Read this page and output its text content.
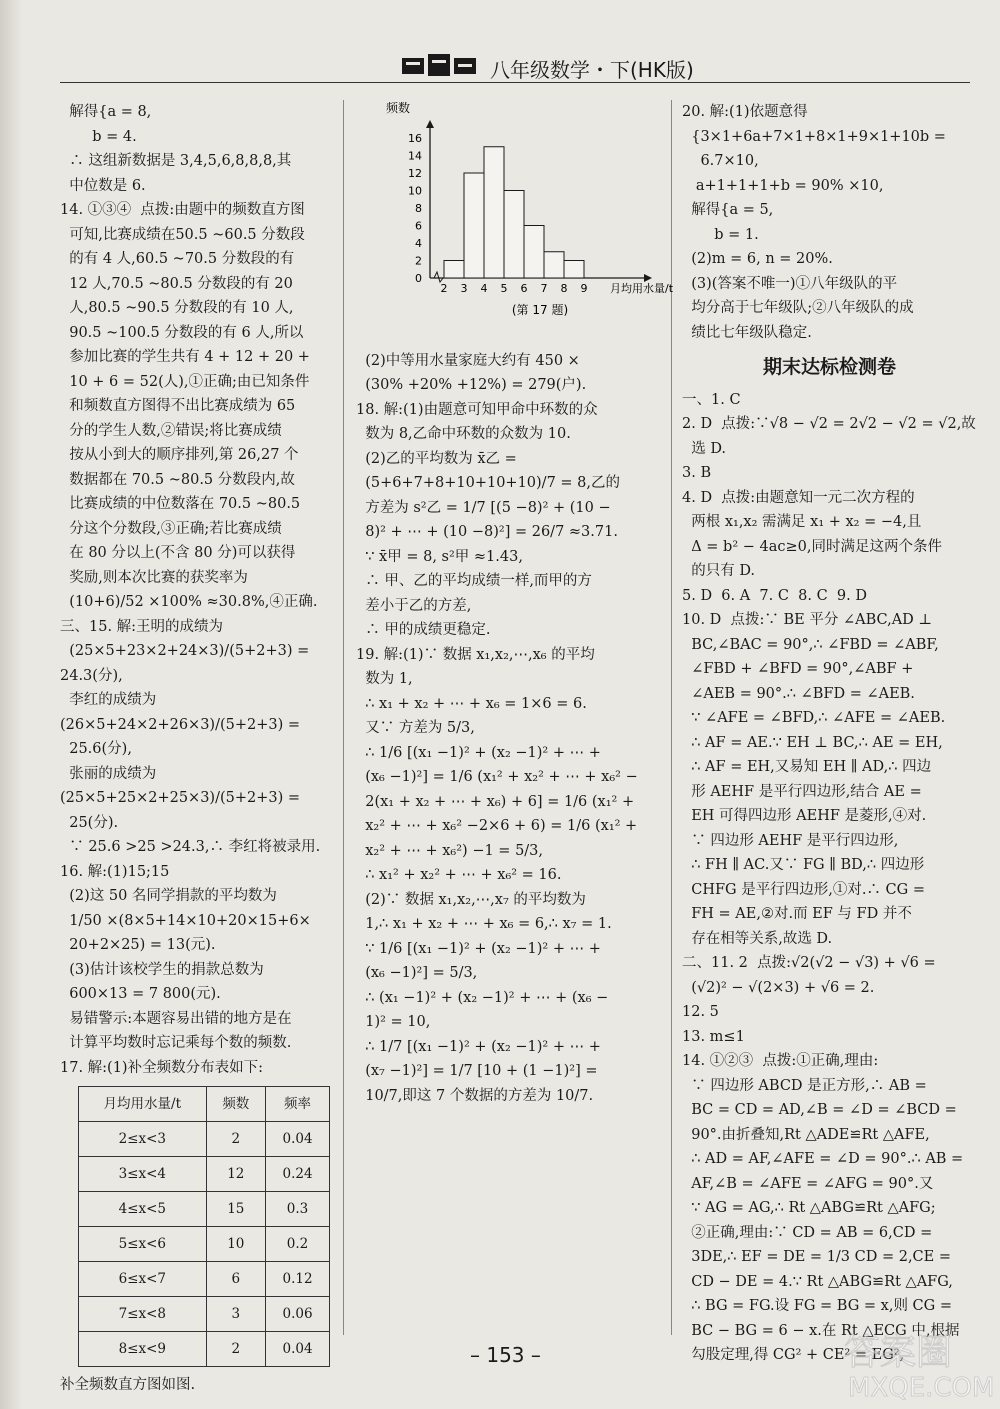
八年级数学・下(HK版)

解得{a = 8,

b = 4.

∴ 这组新数据是 3,4,5,6,8,8,8,其

中位数是 6.

14. ①③④  点拨:由题中的频数直方图

可知,比赛成绩在50.5 ~60.5 分数段

的有 4 人,60.5 ~70.5 分数段的有

12 人,70.5 ~80.5 分数段的有 20

人,80.5 ~90.5 分数段的有 10 人,

90.5 ~100.5 分数段的有 6 人,所以

参加比赛的学生共有 4 + 12 + 20 +

10 + 6 = 52(人),①正确;由已知条件

和频数直方图得不出比赛成绩为 65

分的学生人数,②错误;将比赛成绩

按从小到大的顺序排列,第 26,27 个

数据都在 70.5 ~80.5 分数段内,故

比赛成绩的中位数落在 70.5 ~80.5

分这个分数段,③正确;若比赛成绩

在 80 分以上(不含 80 分)可以获得

奖励,则本次比赛的获奖率为

(10+6)/52 ×100% ≈30.8%,④正确.

三、15. 解:王明的成绩为

(25×5+23×2+24×3)/(5+2+3) = 24.3(分),

李红的成绩为 (26×5+24×2+26×3)/(5+2+3) =

25.6(分),

张丽的成绩为 (25×5+25×2+25×3)/(5+2+3) =

25(分).

∵ 25.6 >25 >24.3,∴ 李红将被录用.

16. 解:(1)15;15

(2)这 50 名同学捐款的平均数为

1/50 ×(8×5+14×10+20×15+6×

20+2×25) = 13(元).

(3)估计该校学生的捐款总数为

600×13 = 7 800(元).

易错警示:本题容易出错的地方是在

计算平均数时忘记乘每个数的频数.

17. 解:(1)补全频数分布表如下:

月均用水量/t	频数	频率
2≤x<3	2	0.04
3≤x<4	12	0.24
4≤x<5	15	0.3
5≤x<6	10	0.2
6≤x<7	6	0.12
7≤x<8	3	0.06
8≤x<9	2	0.04

补全频数直方图如图.

0
2
4
6
8
10
12
14
16
频数
2 3 4 5 6 7 8 9 月均用水量/t
(第 17 题)

(2)中等用水量家庭大约有 450 ×

(30% +20% +12%) = 279(户).

18. 解:(1)由题意可知甲命中环数的众

数为 8,乙命中环数的众数为 10.

(2)乙的平均数为 x̄乙 =

(5+6+7+8+10+10+10)/7 = 8,乙的

方差为 s²乙 = 1/7 [(5 −8)² + (10 −

8)² + ⋯ + (10 −8)²] = 26/7 ≈3.71.

∵ x̄甲 = 8, s²甲 ≈1.43,

∴ 甲、乙的平均成绩一样,而甲的方

差小于乙的方差,

∴ 甲的成绩更稳定.

19. 解:(1)∵ 数据 x₁,x₂,⋯,x₆ 的平均

数为 1,

∴ x₁ + x₂ + ⋯ + x₆ = 1×6 = 6.

又∵ 方差为 5/3,

∴ 1/6 [(x₁ −1)² + (x₂ −1)² + ⋯ +

(x₆ −1)²] = 1/6 (x₁² + x₂² + ⋯ + x₆² −

2(x₁ + x₂ + ⋯ + x₆) + 6] = 1/6 (x₁² +

x₂² + ⋯ + x₆² −2×6 + 6) = 1/6 (x₁² +

x₂² + ⋯ + x₆²) −1 = 5/3,

∴ x₁² + x₂² + ⋯ + x₆² = 16.

(2)∵ 数据 x₁,x₂,⋯,x₇ 的平均数为

1,∴ x₁ + x₂ + ⋯ + x₆ = 6,∴ x₇ = 1.

∵ 1/6 [(x₁ −1)² + (x₂ −1)² + ⋯ +

(x₆ −1)²] = 5/3,

∴ (x₁ −1)² + (x₂ −1)² + ⋯ + (x₆ −

1)² = 10,

∴ 1/7 [(x₁ −1)² + (x₂ −1)² + ⋯ +

(x₇ −1)²] = 1/7 [10 + (1 −1)²] =

10/7,即这 7 个数据的方差为 10/7.

20. 解:(1)依题意得

{3×1+6a+7×1+8×1+9×1+10b =

6.7×10,

a+1+1+1+b = 90% ×10,

解得{a = 5,

b = 1.

(2)m = 6, n = 20%.

(3)(答案不唯一)①八年级队的平

均分高于七年级队;②八年级队的成

绩比七年级队稳定.

期末达标检测卷

一、1. C

2. D  点拨:∵√8 − √2 = 2√2 − √2 = √2,故

选 D.

3. B

4. D  点拨:由题意知一元二次方程的

两根 x₁,x₂ 需满足 x₁ + x₂ = −4,且

Δ = b² − 4ac≥0,同时满足这两个条件

的只有 D.

5. D  6. A  7. C  8. C  9. D

10. D  点拨:∵ BE 平分 ∠ABC,AD ⊥

BC,∠BAC = 90°,∴ ∠FBD = ∠ABF,

∠FBD + ∠BFD = 90°,∠ABF +

∠AEB = 90°.∴ ∠BFD = ∠AEB.

∵ ∠AFE = ∠BFD,∴ ∠AFE = ∠AEB.

∴ AF = AE.∵ EH ⊥ BC,∴ AE = EH,

∴ AF = EH,又易知 EH ∥ AD,∴ 四边

形 AEHF 是平行四边形,结合 AE =

EH 可得四边形 AEHF 是菱形,④对.

∵ 四边形 AEHF 是平行四边形,

∴ FH ∥ AC.又∵ FG ∥ BD,∴ 四边形

CHFG 是平行四边形,①对.∴ CG =

FH = AE,②对.而 EF 与 FD 并不

存在相等关系,故选 D.

二、11. 2  点拨:√2(√2 − √3) + √6 =

(√2)² − √(2×3) + √6 = 2.

12. 5

13. m≤1

14. ①②③  点拨:①正确,理由:

∵ 四边形 ABCD 是正方形,∴ AB =

BC = CD = AD,∠B = ∠D = ∠BCD =

90°.由折叠知,Rt △ADE≌Rt △AFE,

∴ AD = AF,∠AFE = ∠D = 90°.∴ AB =

AF,∠B = ∠AFE = ∠AFG = 90°.又

∵ AG = AG,∴ Rt △ABG≌Rt △AFG;

②正确,理由:∵ CD = AB = 6,CD =

3DE,∴ EF = DE = 1/3 CD = 2,CE =

CD − DE = 4.∵ Rt △ABG≌Rt △AFG,

∴ BG = FG.设 FG = BG = x,则 CG =

BC − BG = 6 − x.在 Rt △ECG 中,根据

勾股定理,得 CG² + CE² = EG²,

– 153 –	答案圈
MXQE.COM
